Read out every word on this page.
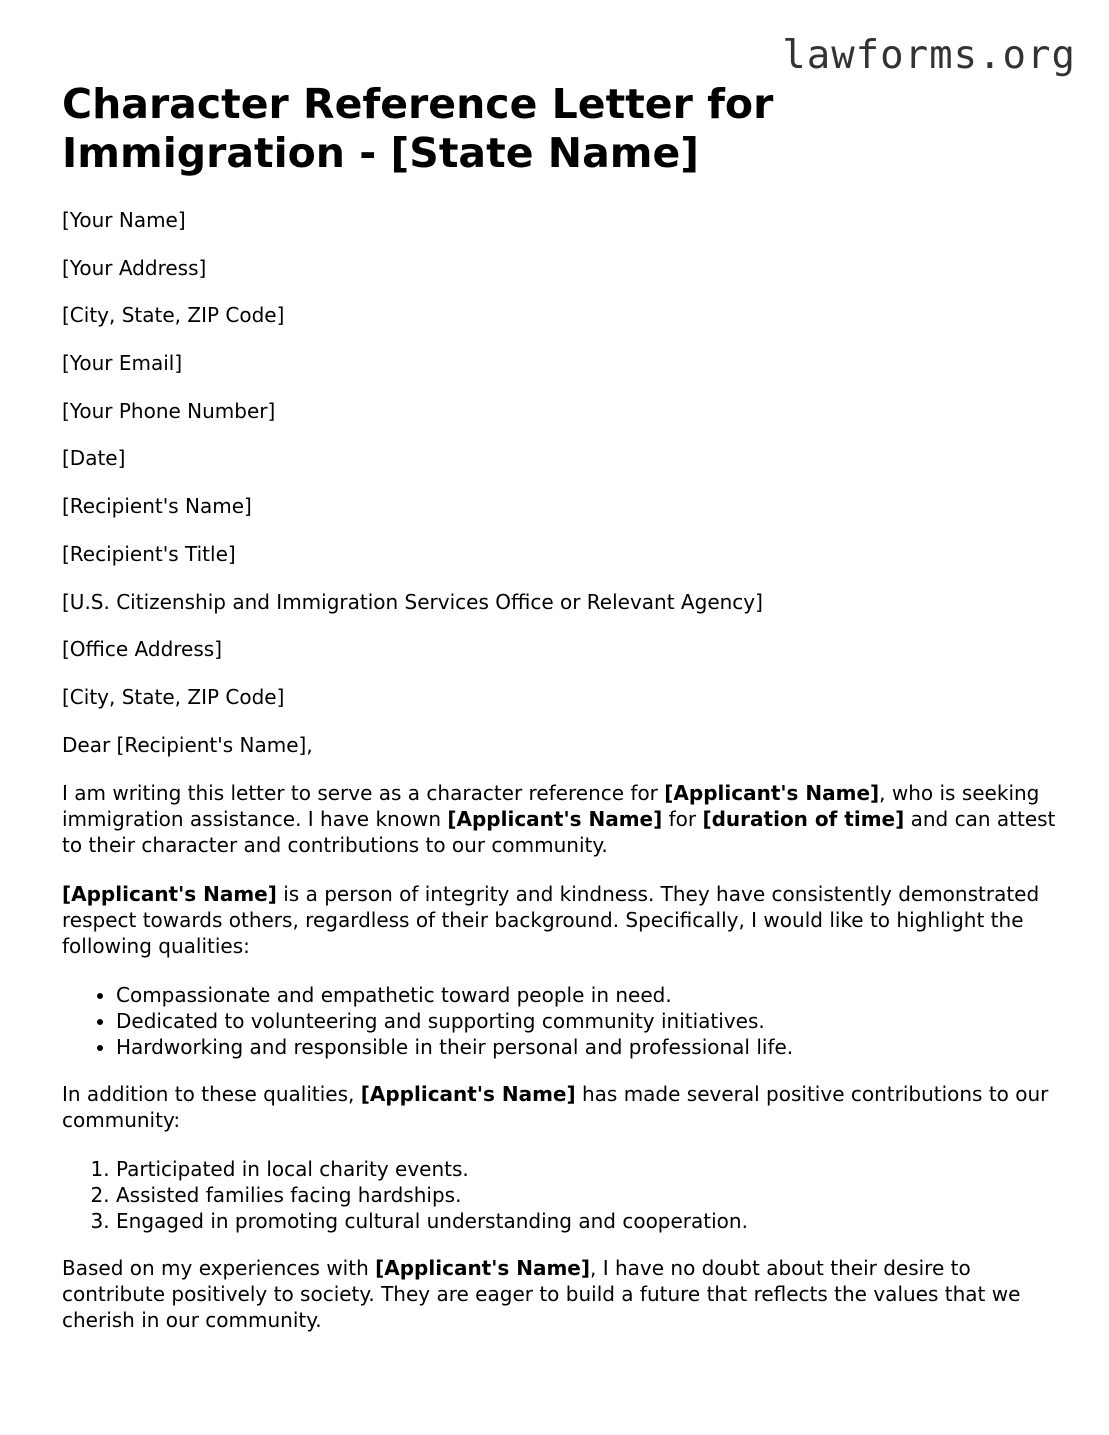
lawforms.org
Character Reference Letter for Immigration - [State Name]

[Your Name]

[Your Address]

[City, State, ZIP Code]

[Your Email]

[Your Phone Number]

[Date]

[Recipient's Name]

[Recipient's Title]

[U.S. Citizenship and Immigration Services Office or Relevant Agency]

[Office Address]

[City, State, ZIP Code]

Dear [Recipient's Name],

I am writing this letter to serve as a character reference for [Applicant's Name], who is seeking immigration assistance. I have known [Applicant's Name] for [duration of time] and can attest to their character and contributions to our community.

[Applicant's Name] is a person of integrity and kindness. They have consistently demonstrated respect towards others, regardless of their background. Specifically, I would like to highlight the following qualities:

• Compassionate and empathetic toward people in need.
• Dedicated to volunteering and supporting community initiatives.
• Hardworking and responsible in their personal and professional life.

In addition to these qualities, [Applicant's Name] has made several positive contributions to our community:

1. Participated in local charity events.
2. Assisted families facing hardships.
3. Engaged in promoting cultural understanding and cooperation.

Based on my experiences with [Applicant's Name], I have no doubt about their desire to contribute positively to society. They are eager to build a future that reflects the values that we cherish in our community.
